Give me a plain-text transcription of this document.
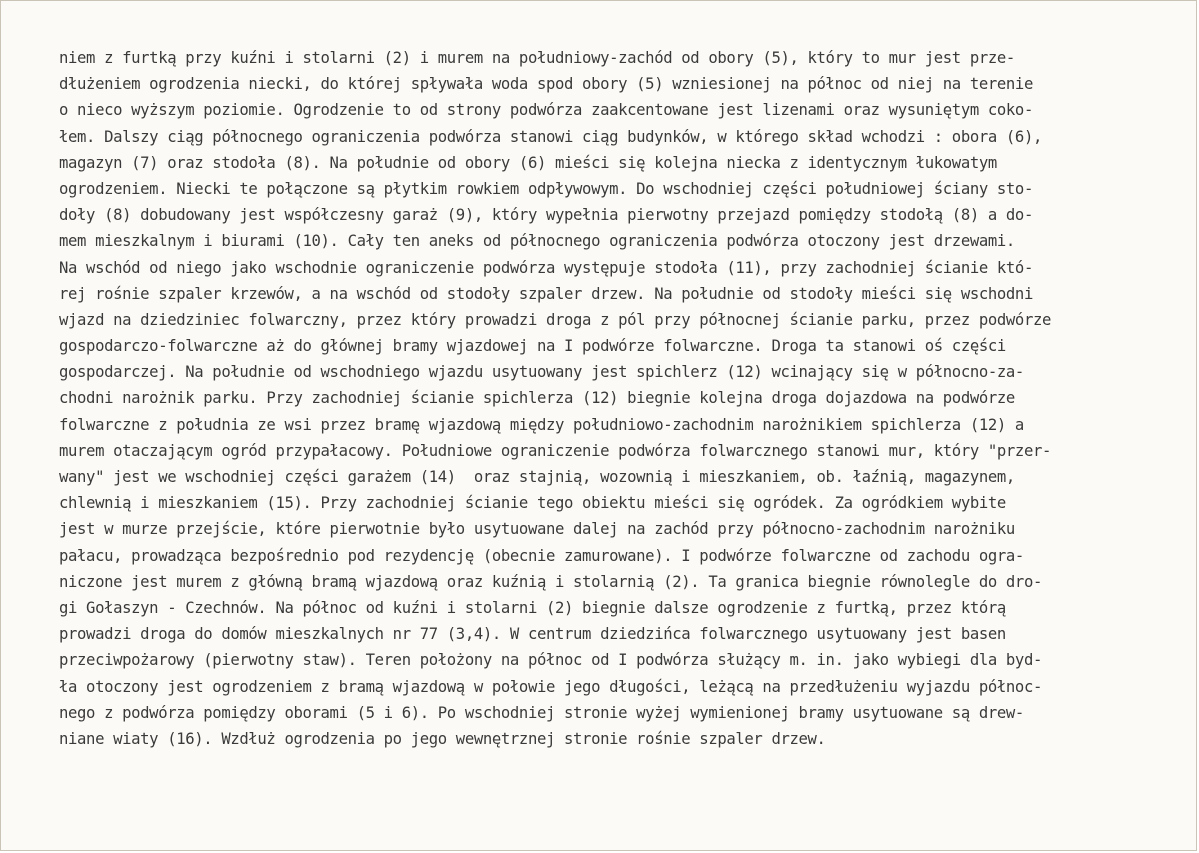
niem z furtką przy kuźni i stolarni (2) i murem na południowy-zachód od obory (5), który to mur jest prze-
dłużeniem ogrodzenia niecki, do której spływała woda spod obory (5) wzniesionej na północ od niej na terenie
o nieco wyższym poziomie. Ogrodzenie to od strony podwórza zaakcentowane jest lizenami oraz wysuniętym coko-
łem. Dalszy ciąg północnego ograniczenia podwórza stanowi ciąg budynków, w którego skład wchodzi : obora (6),
magazyn (7) oraz stodoła (8). Na południe od obory (6) mieści się kolejna niecka z identycznym łukowatym
ogrodzeniem. Niecki te połączone są płytkim rowkiem odpływowym. Do wschodniej części południowej ściany sto-
doły (8) dobudowany jest współczesny garaż (9), który wypełnia pierwotny przejazd pomiędzy stodołą (8) a do-
mem mieszkalnym i biurami (10). Cały ten aneks od północnego ograniczenia podwórza otoczony jest drzewami.
Na wschód od niego jako wschodnie ograniczenie podwórza występuje stodoła (11), przy zachodniej ścianie któ-
rej rośnie szpaler krzewów, a na wschód od stodoły szpaler drzew. Na południe od stodoły mieści się wschodni
wjazd na dziedziniec folwarczny, przez który prowadzi droga z pól przy północnej ścianie parku, przez podwórze
gospodarczo-folwarczne aż do głównej bramy wjazdowej na I podwórze folwarczne. Droga ta stanowi oś części
gospodarczej. Na południe od wschodniego wjazdu usytuowany jest spichlerz (12) wcinający się w północno-za-
chodni narożnik parku. Przy zachodniej ścianie spichlerza (12) biegnie kolejna droga dojazdowa na podwórze
folwarczne z południa ze wsi przez bramę wjazdową między południowo-zachodnim narożnikiem spichlerza (12) a
murem otaczającym ogród przypałacowy. Południowe ograniczenie podwórza folwarcznego stanowi mur, który "przer-
wany" jest we wschodniej części garażem (14)  oraz stajnią, wozownią i mieszkaniem, ob. łaźnią, magazynem,
chlewnią i mieszkaniem (15). Przy zachodniej ścianie tego obiektu mieści się ogródek. Za ogródkiem wybite
jest w murze przejście, które pierwotnie było usytuowane dalej na zachód przy północno-zachodnim narożniku
pałacu, prowadząca bezpośrednio pod rezydencję (obecnie zamurowane). I podwórze folwarczne od zachodu ogra-
niczone jest murem z główną bramą wjazdową oraz kuźnią i stolarnią (2). Ta granica biegnie równolegle do dro-
gi Gołaszyn - Czechnów. Na północ od kuźni i stolarni (2) biegnie dalsze ogrodzenie z furtką, przez którą
prowadzi droga do domów mieszkalnych nr 77 (3,4). W centrum dziedzińca folwarcznego usytuowany jest basen
przeciwpożarowy (pierwotny staw). Teren położony na północ od I podwórza służący m. in. jako wybiegi dla byd-
ła otoczony jest ogrodzeniem z bramą wjazdową w połowie jego długości, leżącą na przedłużeniu wyjazdu północ-
nego z podwórza pomiędzy oborami (5 i 6). Po wschodniej stronie wyżej wymienionej bramy usytuowane są drew-
niane wiaty (16). Wzdłuż ogrodzenia po jego wewnętrznej stronie rośnie szpaler drzew.
